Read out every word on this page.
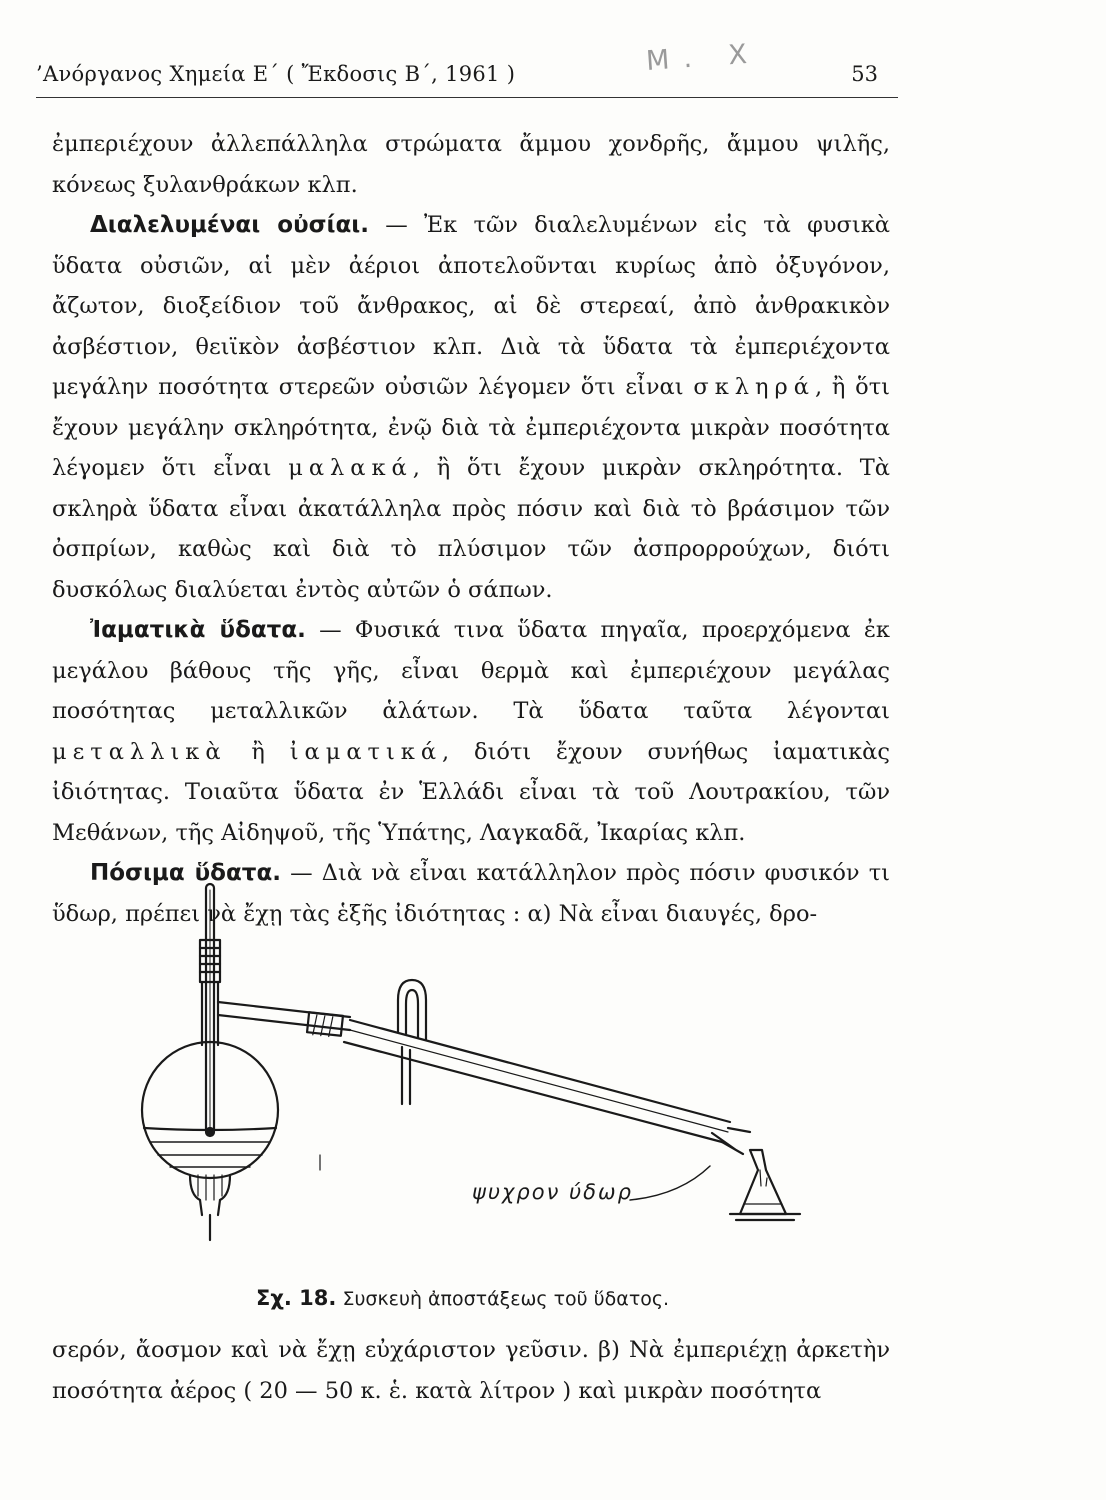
’Ανόργανος Χημεία Ε΄ ( Ἔκδοσις Β΄, 1961 )	Μ. Χ	53

ἐμπεριέχουν ἀλλεπάλληλα στρώματα ἄμμου χονδρῆς, ἄμμου ψιλῆς, κόνεως ξυλανθράκων κλπ.

Διαλελυμέναι οὐσίαι. — Ἐκ τῶν διαλελυμένων εἰς τὰ φυσικὰ ὕδατα οὐσιῶν, αἱ μὲν ἀέριοι ἀποτελοῦνται κυρίως ἀπὸ ὀξυγόνον, ἄζωτον, διοξείδιον τοῦ ἄνθρακος, αἱ δὲ στερεαί, ἀπὸ ἀνθρακικὸν ἀσβέστιον, θειϊκὸν ἀσβέστιον κλπ. Διὰ τὰ ὕδατα τὰ ἐμπεριέχοντα μεγάλην ποσότητα στερεῶν οὐσιῶν λέγομεν ὅτι εἶναι σκληρά, ἢ ὅτι ἔχουν μεγάλην σκληρότητα, ἐνῷ διὰ τὰ ἐμπεριέχοντα μικρὰν ποσότητα λέγομεν ὅτι εἶναι μαλακά, ἢ ὅτι ἔχουν μικρὰν σκληρότητα. Τὰ σκληρὰ ὕδατα εἶναι ἀκατάλληλα πρὸς πόσιν καὶ διὰ τὸ βράσιμον τῶν ὀσπρίων, καθὼς καὶ διὰ τὸ πλύσιμον τῶν ἀσπρορρούχων, διότι δυσκόλως διαλύεται ἐντὸς αὐτῶν ὁ σάπων.

Ἰαματικὰ ὕδατα. — Φυσικά τινα ὕδατα πηγαῖα, προερχόμενα ἐκ μεγάλου βάθους τῆς γῆς, εἶναι θερμὰ καὶ ἐμπεριέχουν μεγάλας ποσότητας μεταλλικῶν ἁλάτων. Τὰ ὕδατα ταῦτα λέγονται μεταλλικὰ ἢ ἰαματικά, διότι ἔχουν συνήθως ἰαματικὰς ἰδιότητας. Τοιαῦτα ὕδατα ἐν Ἑλλάδι εἶναι τὰ τοῦ Λουτρακίου, τῶν Μεθάνων, τῆς Αἰδηψοῦ, τῆς Ὑπάτης, Λαγκαδᾶ, Ἰκαρίας κλπ.

Πόσιμα ὕδατα. — Διὰ νὰ εἶναι κατάλληλον πρὸς πόσιν φυσικόν τι ὕδωρ, πρέπει νὰ ἔχῃ τὰς ἑξῆς ἰδιότητας : α) Νὰ εἶναι διαυγές, δρο-

ψυχρον ύδωρ
Σχ. 18. Συσκευὴ ἀποστάξεως τοῦ ὕδατος.

σερόν, ἄοσμον καὶ νὰ ἔχῃ εὐχάριστον γεῦσιν. β) Νὰ ἐμπεριέχῃ ἀρκετὴν ποσότητα ἀέρος ( 20 — 50 κ. ἑ. κατὰ λίτρον ) καὶ μικρὰν ποσότητα
